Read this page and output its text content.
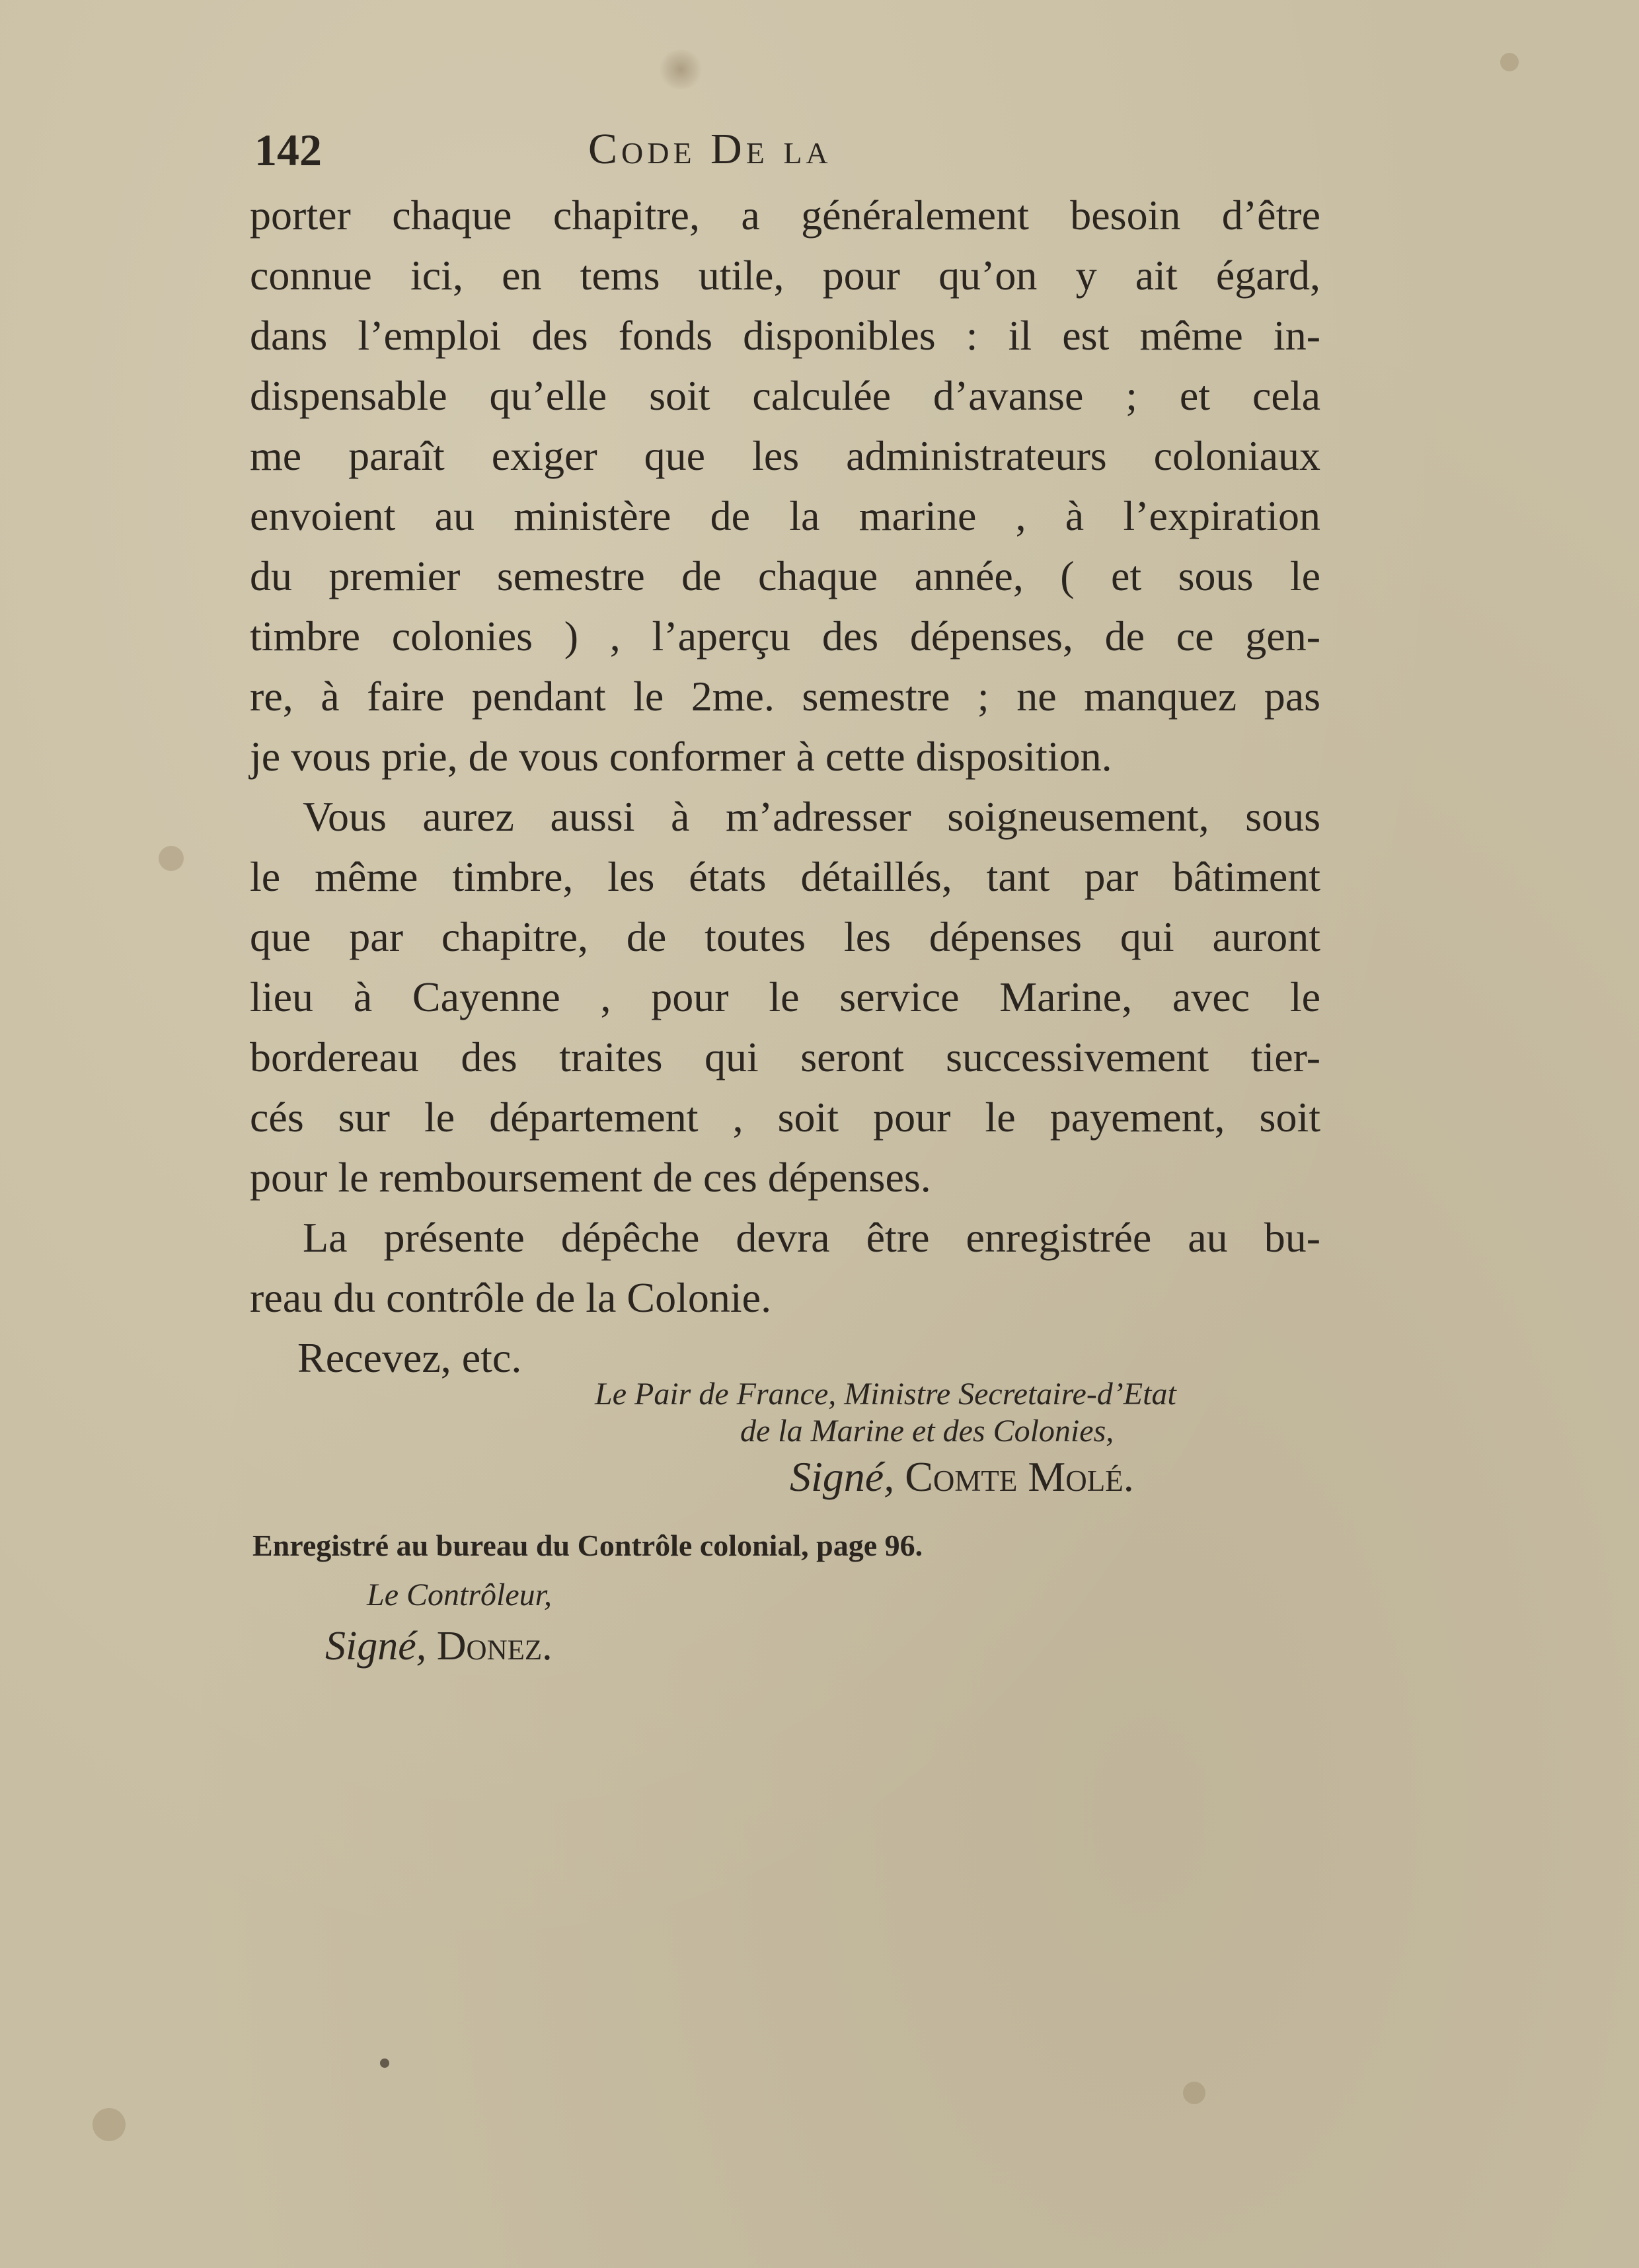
142	Code De la
porter chaque chapitre, a généralement besoin d’être
connue ici, en tems utile, pour qu’on y ait égard,
dans l’emploi des fonds disponibles : il est même in-
dispensable qu’elle soit calculée d’avanse ; et cela
me paraît exiger que les administrateurs coloniaux
envoient au ministère de la marine , à l’expiration
du premier semestre de chaque année, ( et sous le
timbre colonies ) , l’aperçu des dépenses, de ce gen-
re, à faire pendant le 2me. semestre ; ne manquez pas
je vous prie, de vous conformer à cette disposition.
Vous aurez aussi à m’adresser soigneusement, sous
le même timbre, les états détaillés, tant par bâtiment
que par chapitre, de toutes les dépenses qui auront
lieu à Cayenne , pour le service Marine, avec le
bordereau des traites qui seront successivement tier-
cés sur le département , soit pour le payement, soit
pour le remboursement de ces dépenses.
La présente dépêche devra être enregistrée au bu-
reau du contrôle de la Colonie.
Recevez, etc.
Le Pair de France, Ministre Secretaire-d’Etat
de la Marine et des Colonies,
Signé, Comte Molé.
Enregistré au bureau du Contrôle colonial, page 96.
Le Contrôleur,
Signé, Donez.
